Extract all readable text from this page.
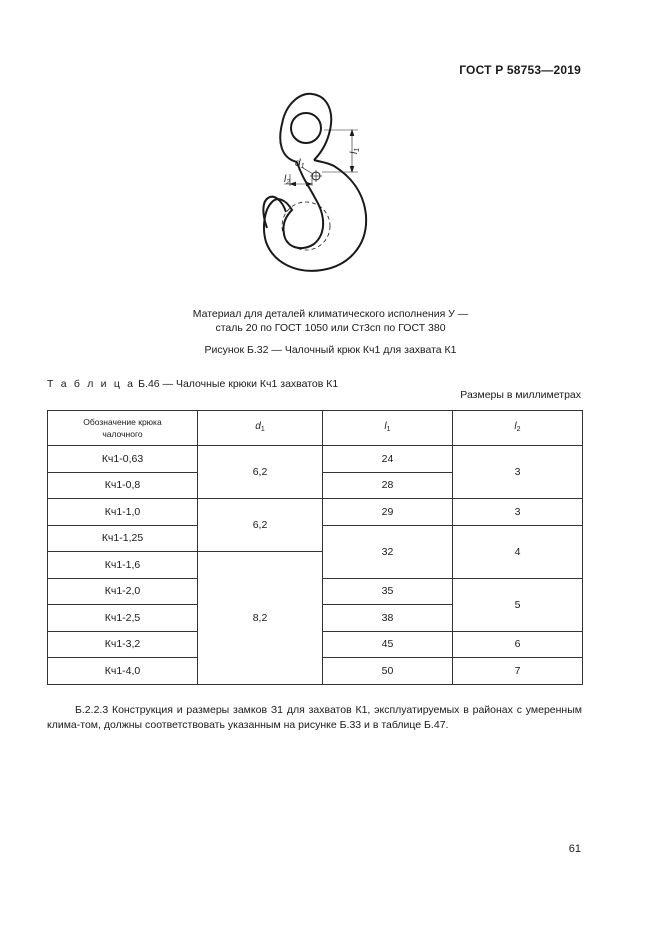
ГОСТ Р 58753—2019
$d_1$
$l_1$
$l_2$
Материал для деталей климатического исполнения У —
сталь 20 по ГОСТ 1050 или Ст3сп по ГОСТ 380
Рисунок Б.32 — Чалочный крюк Кч1 для захвата К1
Т а б л и ц а Б.46 — Чалочные крюки Кч1 захватов К1
Размеры в миллиметрах
Обозначение крюка
чалочного	$d_1$	$l_1$	$l_2$
Кч1-0,63	6,2	24	3
Кч1-0,8		28	
Кч1-1,0	6,2	29	3
Кч1-1,25		32	4
Кч1-1,6	8,2		
Кч1-2,0		35	5
Кч1-2,5		38	
Кч1-3,2		45	6
Кч1-4,0		50	7
Б.2.2.3 Конструкция и размеры замков З1 для захватов К1, эксплуатируемых в районах с умеренным клима-том, должны соответствовать указанным на рисунке Б.33 и в таблице Б.47.
61
